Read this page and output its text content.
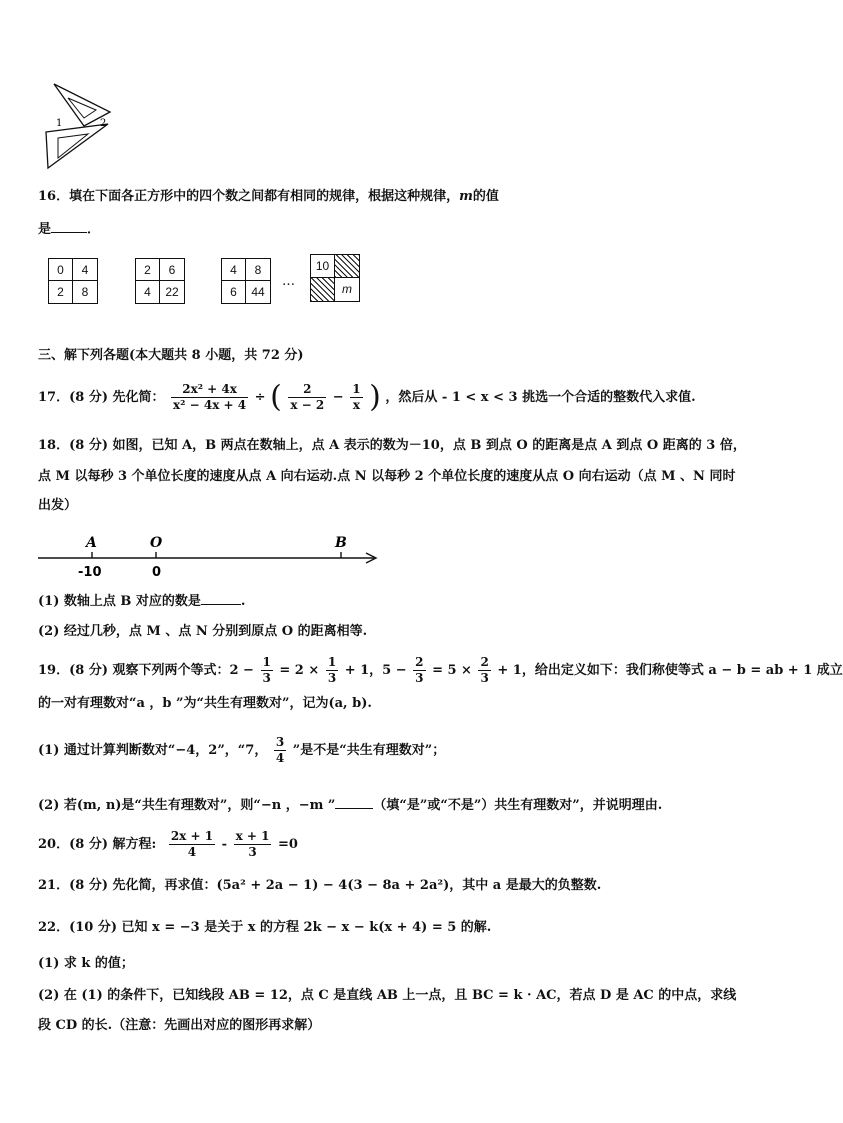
1	2
16．填在下面各正方形中的四个数之间都有相同的规律，根据这种规律，m的值
是	．
0	4
2	8
2	6
4	22
4	8
6	44
…
10
m
三、解下列各题(本大题共 8 小题，共 72 分)
17．(8 分) 先化简： $\frac{\text{2x² + 4x}}{\text{x² − 4x + 4}}$ ÷ ( $\frac{2}{x - 2} - \frac{1}{x}$ ) ，然后从 - 1 < x < 3 挑选一个合适的整数代入求值.
18．(8 分) 如图，已知 A，B 两点在数轴上，点 A 表示的数为－10，点 B 到点 O 的距离是点 A 到点 O 距离的 3 倍，
点 M 以每秒 3 个单位长度的速度从点 A 向右运动.点 N 以每秒 2 个单位长度的速度从点 O 向右运动（点 M 、N 同时
出发）
A	O	B
-10	0
(1) 数轴上点 B 对应的数是	.
(2) 经过几秒，点 M 、点 N 分别到原点 O 的距离相等.
19．(8 分) 观察下列两个等式：$2 - \frac{1}{3} = 2 \times \frac{1}{3} + 1$，$5 - \frac{2}{3} = 5 \times \frac{2}{3} + 1$，给出定义如下：我们称使等式 a − b = ab + 1 成立
的一对有理数对“a ，b ”为“共生有理数对”，记为(a, b).
(1) 通过计算判断数对“−4，2”，“7， $\frac{3}{4}$ ”是不是“共生有理数对”；
(2) 若(m, n)是“共生有理数对”，则“−n ，−m ”	（填“是”或“不是”）共生有理数对”，并说明理由.
20．(8 分) 解方程: $\frac{2x + 1}{4} - \frac{x + 1}{3} =0$
21．(8 分) 先化简，再求值：(5a² + 2a − 1) − 4(3 − 8a + 2a²)，其中 a 是最大的负整数.
22．(10 分) 已知 x = −3 是关于 x 的方程 2k − x − k(x + 4) = 5 的解.
(1) 求 k 的值；
(2) 在 (1) 的条件下，已知线段 AB = 12，点 C 是直线 AB 上一点，且 BC = k · AC，若点 D 是 AC 的中点，求线
段 CD 的长.（注意：先画出对应的图形再求解）
